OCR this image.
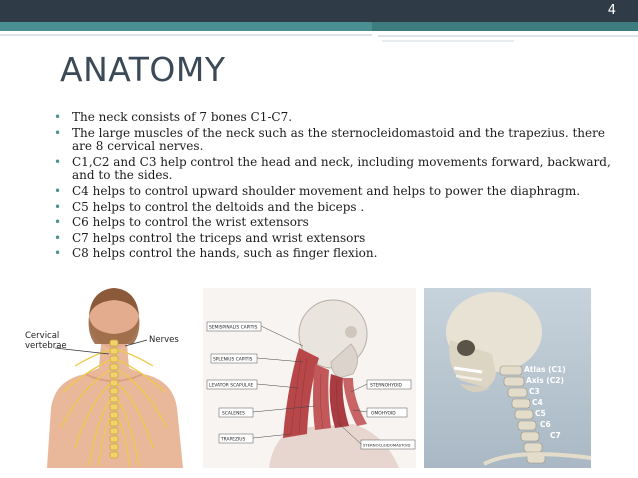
4
ANATOMY
• The neck consists of 7 bones C1-C7.
• The large muscles of the neck such as the sternocleidomastoid and the trapezius. there are 8 cervical nerves.
• C1,C2 and C3 help control the head and neck, including movements forward, backward, and to the sides.
• C4 helps to control upward shoulder movement and helps to power the diaphragm.
• C5 helps to control the deltoids and the biceps .
• C6 helps to control the wrist extensors
• C7 helps control the triceps and wrist extensors
• C8 helps control the hands, such as finger flexion.
Cervical
vertebrae
Nerves
SEMISPINALIS CAPITIS
SPLENIUS CAPITIS
LEVATOR SCAPULAE
SCALENES
TRAPEZIUS
STERNOHYOID
OMOHYOID
STERNOCLEIDOMASTOID
Atlas (C1)
Axis (C2)
C3
C4
C5
C6
C7
